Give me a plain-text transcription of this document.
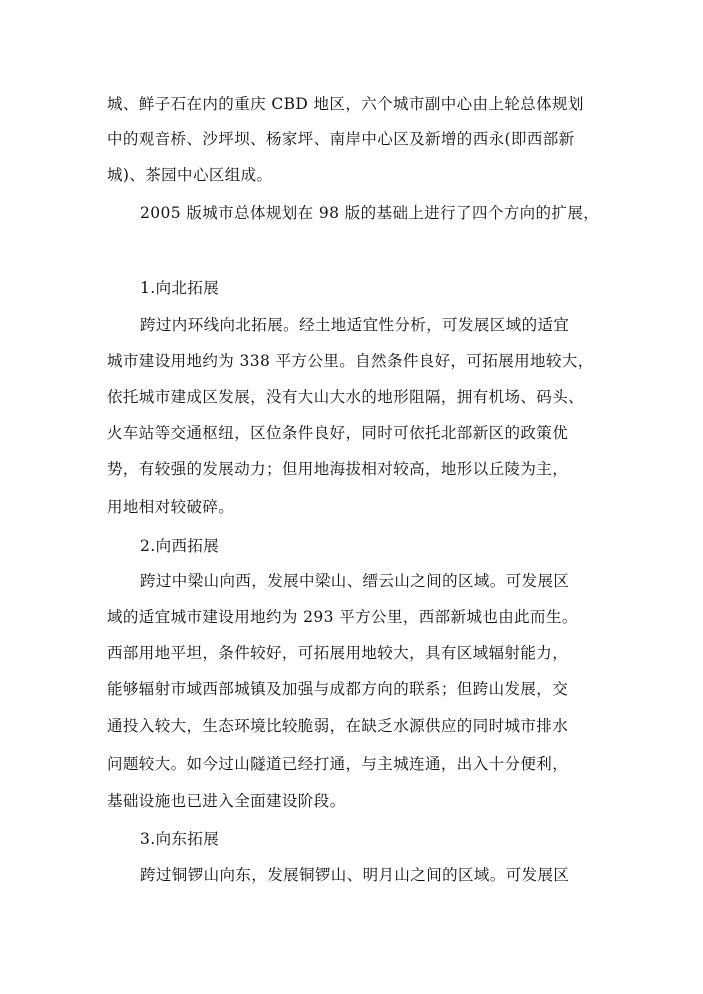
城、鲜子石在内的重庆 CBD 地区，六个城市副中心由上轮总体规划
中的观音桥、沙坪坝、杨家坪、南岸中心区及新增的西永(即西部新
城)、茶园中心区组成。
2005 版城市总体规划在 98 版的基础上进行了四个方向的扩展，
1.向北拓展
跨过内环线向北拓展。经土地适宜性分析，可发展区域的适宜
城市建设用地约为 338 平方公里。自然条件良好，可拓展用地较大，
依托城市建成区发展，没有大山大水的地形阻隔，拥有机场、码头、
火车站等交通枢纽，区位条件良好，同时可依托北部新区的政策优
势，有较强的发展动力；但用地海拔相对较高，地形以丘陵为主，
用地相对较破碎。
2.向西拓展
跨过中梁山向西，发展中梁山、缙云山之间的区域。可发展区
域的适宜城市建设用地约为 293 平方公里，西部新城也由此而生。
西部用地平坦，条件较好，可拓展用地较大，具有区域辐射能力，
能够辐射市域西部城镇及加强与成都方向的联系；但跨山发展，交
通投入较大，生态环境比较脆弱，在缺乏水源供应的同时城市排水
问题较大。如今过山隧道已经打通，与主城连通，出入十分便利，
基础设施也已进入全面建设阶段。
3.向东拓展
跨过铜锣山向东，发展铜锣山、明月山之间的区域。可发展区
